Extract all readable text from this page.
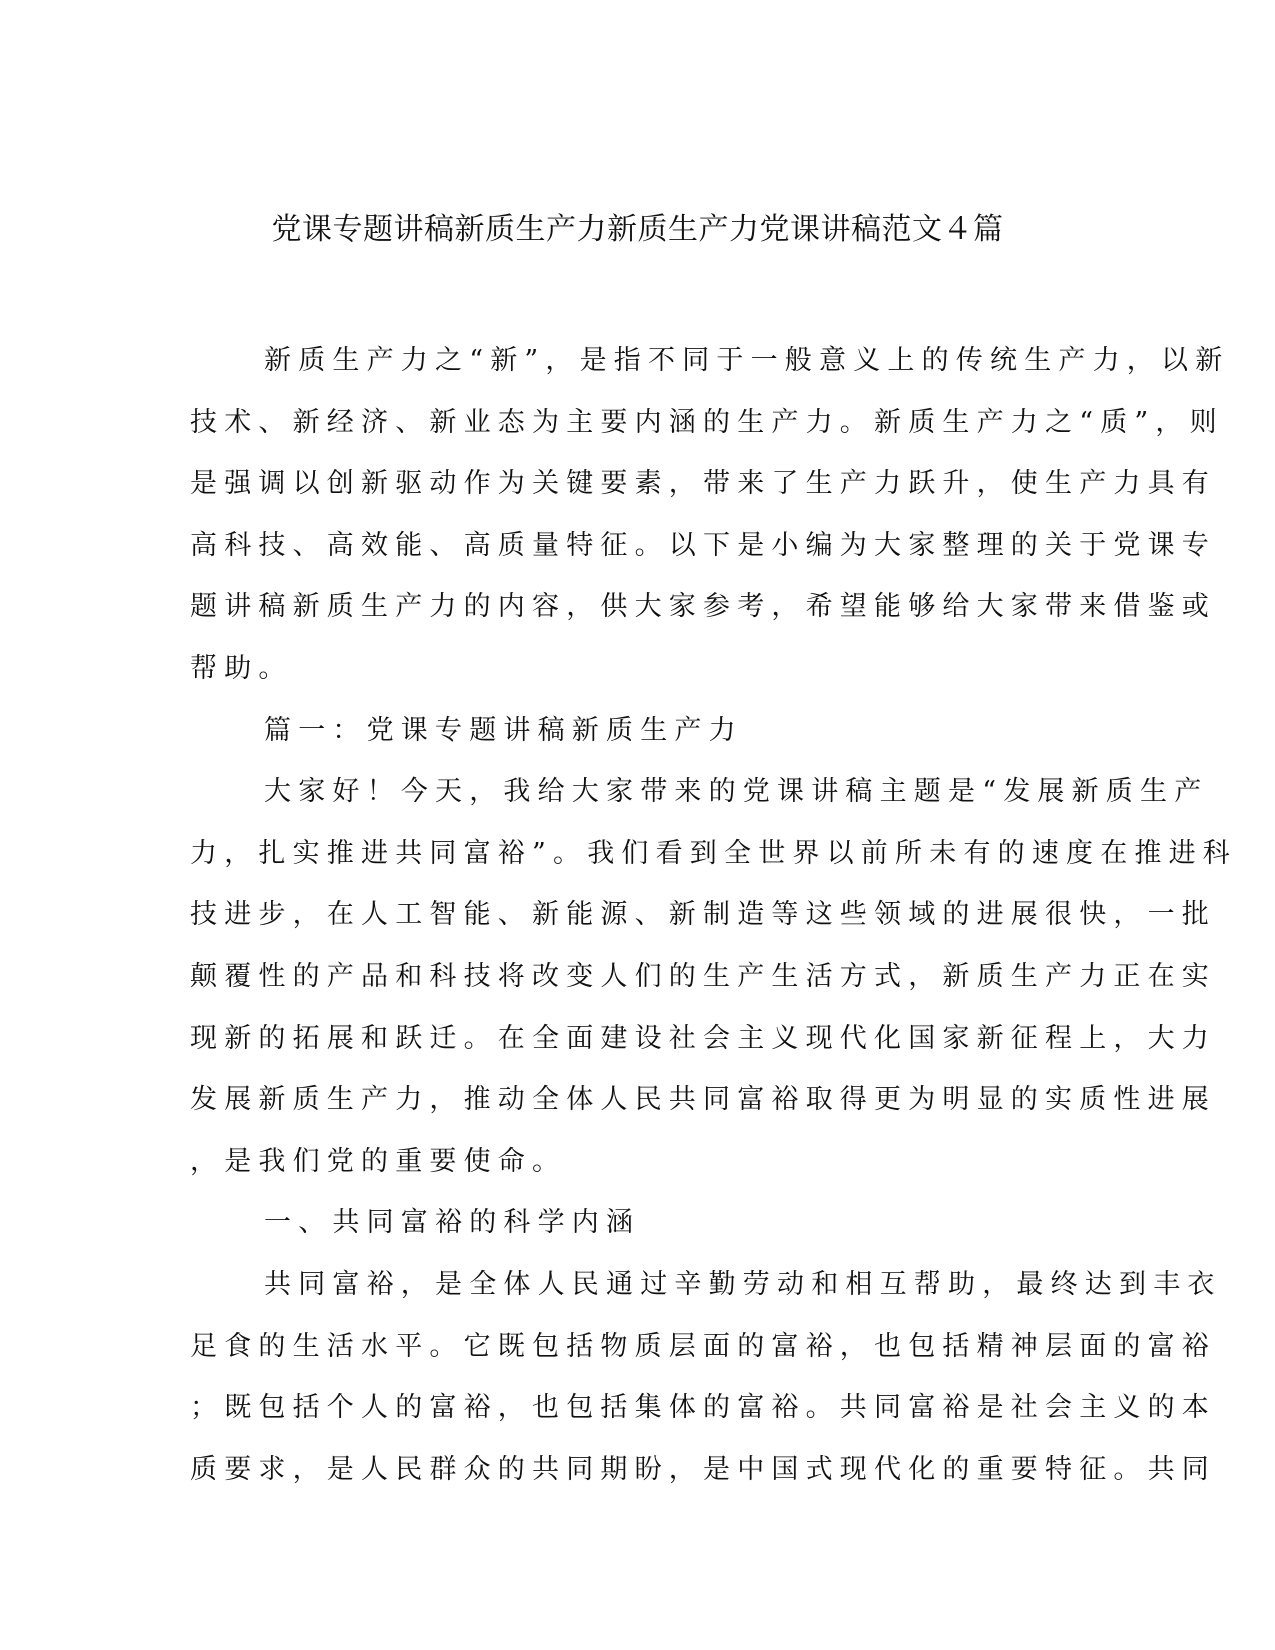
党课专题讲稿新质生产力新质生产力党课讲稿范文４篇
新质生产力之“新”，是指不同于一般意义上的传统生产力，以新
技术、新经济、新业态为主要内涵的生产力。新质生产力之“质”，则
是强调以创新驱动作为关键要素，带来了生产力跃升，使生产力具有
高科技、高效能、高质量特征。以下是小编为大家整理的关于党课专
题讲稿新质生产力的内容，供大家参考，希望能够给大家带来借鉴或
帮助。
篇一：党课专题讲稿新质生产力
大家好！今天，我给大家带来的党课讲稿主题是“发展新质生产
力，扎实推进共同富裕”。我们看到全世界以前所未有的速度在推进科
技进步，在人工智能、新能源、新制造等这些领域的进展很快，一批
颠覆性的产品和科技将改变人们的生产生活方式，新质生产力正在实
现新的拓展和跃迁。在全面建设社会主义现代化国家新征程上，大力
发展新质生产力，推动全体人民共同富裕取得更为明显的实质性进展
，是我们党的重要使命。
一、共同富裕的科学内涵
共同富裕，是全体人民通过辛勤劳动和相互帮助，最终达到丰衣
足食的生活水平。它既包括物质层面的富裕，也包括精神层面的富裕
；既包括个人的富裕，也包括集体的富裕。共同富裕是社会主义的本
质要求，是人民群众的共同期盼，是中国式现代化的重要特征。共同
